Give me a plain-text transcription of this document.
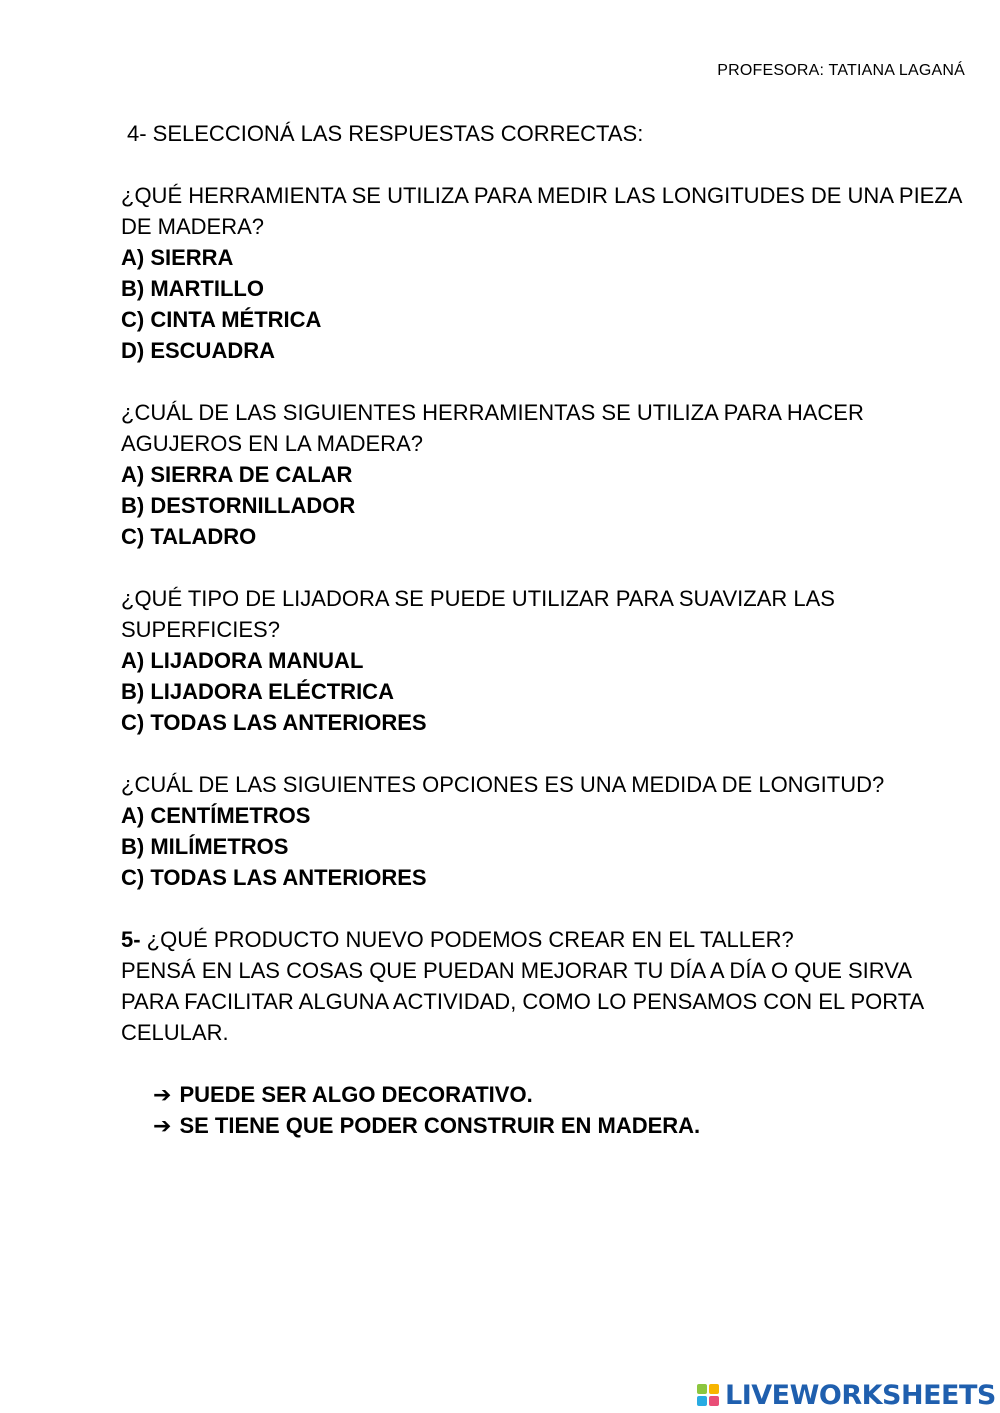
PROFESORA: TATIANA LAGANÁ
4- SELECCIONÁ LAS RESPUESTAS CORRECTAS:
¿QUÉ HERRAMIENTA SE UTILIZA PARA MEDIR LAS LONGITUDES DE UNA PIEZA DE MADERA?
A) SIERRA
B) MARTILLO
C) CINTA MÉTRICA
D) ESCUADRA
¿CUÁL DE LAS SIGUIENTES HERRAMIENTAS SE UTILIZA PARA HACER AGUJEROS EN LA MADERA?
A) SIERRA DE CALAR
B) DESTORNILLADOR
C) TALADRO
¿QUÉ TIPO DE LIJADORA SE PUEDE UTILIZAR PARA SUAVIZAR LAS SUPERFICIES?
A) LIJADORA MANUAL
B) LIJADORA ELÉCTRICA
C) TODAS LAS ANTERIORES
¿CUÁL DE LAS SIGUIENTES OPCIONES ES UNA MEDIDA DE LONGITUD?
A) CENTÍMETROS
B) MILÍMETROS
C) TODAS LAS ANTERIORES
5- ¿QUÉ PRODUCTO NUEVO PODEMOS CREAR EN EL TALLER?
PENSÁ EN LAS COSAS QUE PUEDAN MEJORAR TU DÍA A DÍA O QUE SIRVA PARA FACILITAR ALGUNA ACTIVIDAD, COMO LO PENSAMOS CON EL PORTA CELULAR.
➔ PUEDE SER ALGO DECORATIVO.
➔ SE TIENE QUE PODER CONSTRUIR EN MADERA.
LIVEWORKSHEETS
